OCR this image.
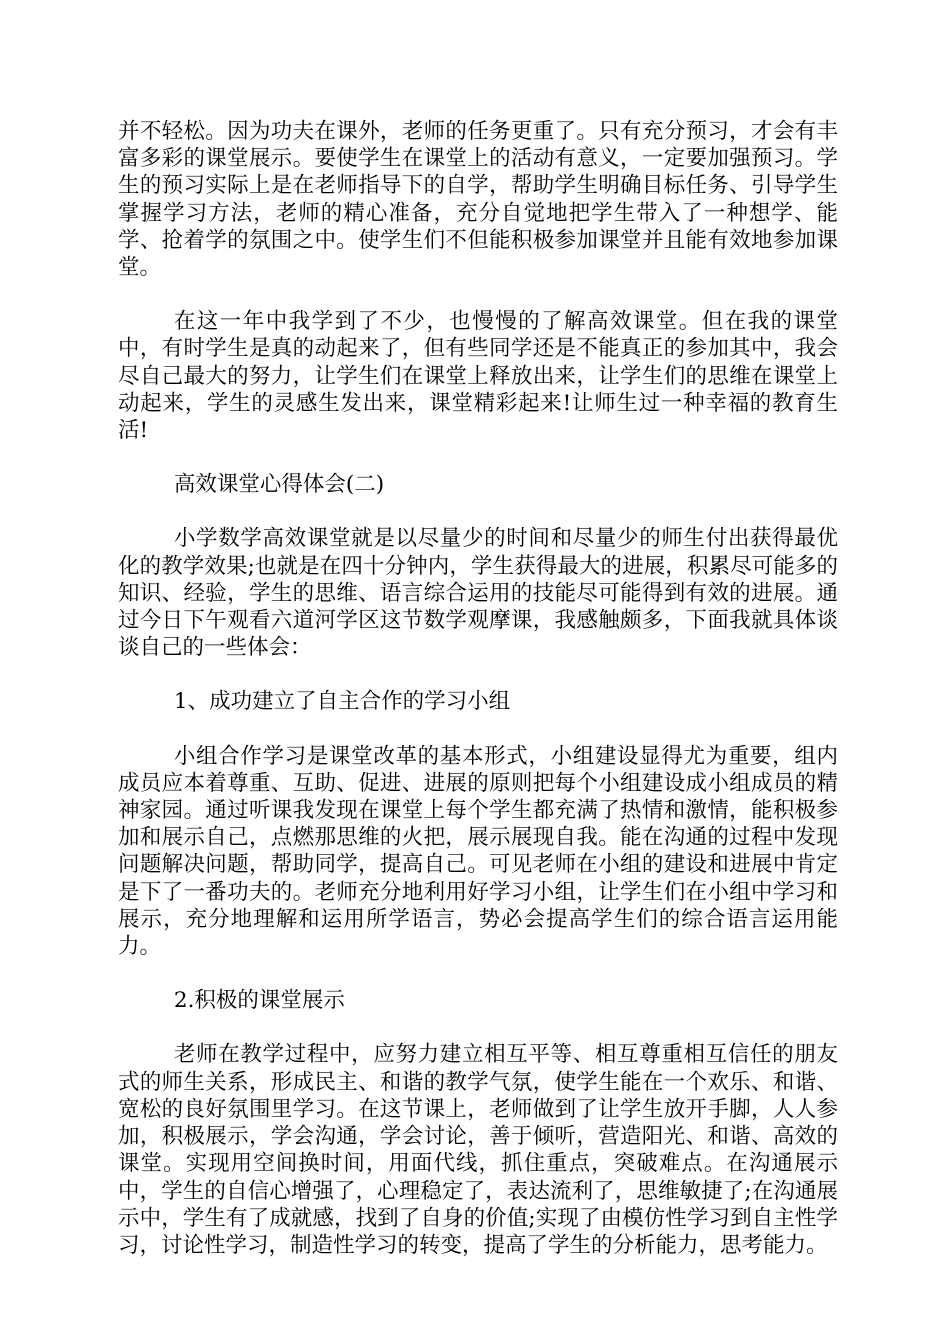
并不轻松。因为功夫在课外，老师的任务更重了。只有充分预习，才会有丰富多彩的课堂展示。要使学生在课堂上的活动有意义，一定要加强预习。学生的预习实际上是在老师指导下的自学，帮助学生明确目标任务、引导学生掌握学习方法，老师的精心准备，充分自觉地把学生带入了一种想学、能学、抢着学的氛围之中。使学生们不但能积极参加课堂并且能有效地参加课堂。

在这一年中我学到了不少，也慢慢的了解高效课堂。但在我的课堂中，有时学生是真的动起来了，但有些同学还是不能真正的参加其中，我会尽自己最大的努力，让学生们在课堂上释放出来，让学生们的思维在课堂上动起来，学生的灵感生发出来，课堂精彩起来!让师生过一种幸福的教育生活!

高效课堂心得体会(二)

小学数学高效课堂就是以尽量少的时间和尽量少的师生付出获得最优化的教学效果;也就是在四十分钟内，学生获得最大的进展，积累尽可能多的知识、经验，学生的思维、语言综合运用的技能尽可能得到有效的进展。通过今日下午观看六道河学区这节数学观摩课，我感触颇多，下面我就具体谈谈自己的一些体会：

1、成功建立了自主合作的学习小组

小组合作学习是课堂改革的基本形式，小组建设显得尤为重要，组内成员应本着尊重、互助、促进、进展的原则把每个小组建设成小组成员的精神家园。通过听课我发现在课堂上每个学生都充满了热情和激情，能积极参加和展示自己，点燃那思维的火把，展示展现自我。能在沟通的过程中发现问题解决问题，帮助同学，提高自己。可见老师在小组的建设和进展中肯定是下了一番功夫的。老师充分地利用好学习小组，让学生们在小组中学习和展示，充分地理解和运用所学语言，势必会提高学生们的综合语言运用能力。

2.积极的课堂展示

老师在教学过程中，应努力建立相互平等、相互尊重相互信任的朋友式的师生关系，形成民主、和谐的教学气氛，使学生能在一个欢乐、和谐、宽松的良好氛围里学习。在这节课上，老师做到了让学生放开手脚，人人参加，积极展示，学会沟通，学会讨论，善于倾听，营造阳光、和谐、高效的课堂。实现用空间换时间，用面代线，抓住重点，突破难点。在沟通展示中，学生的自信心增强了，心理稳定了，表达流利了，思维敏捷了;在沟通展示中，学生有了成就感，找到了自身的价值;实现了由模仿性学习到自主性学习，讨论性学习，制造性学习的转变，提高了学生的分析能力，思考能力。
